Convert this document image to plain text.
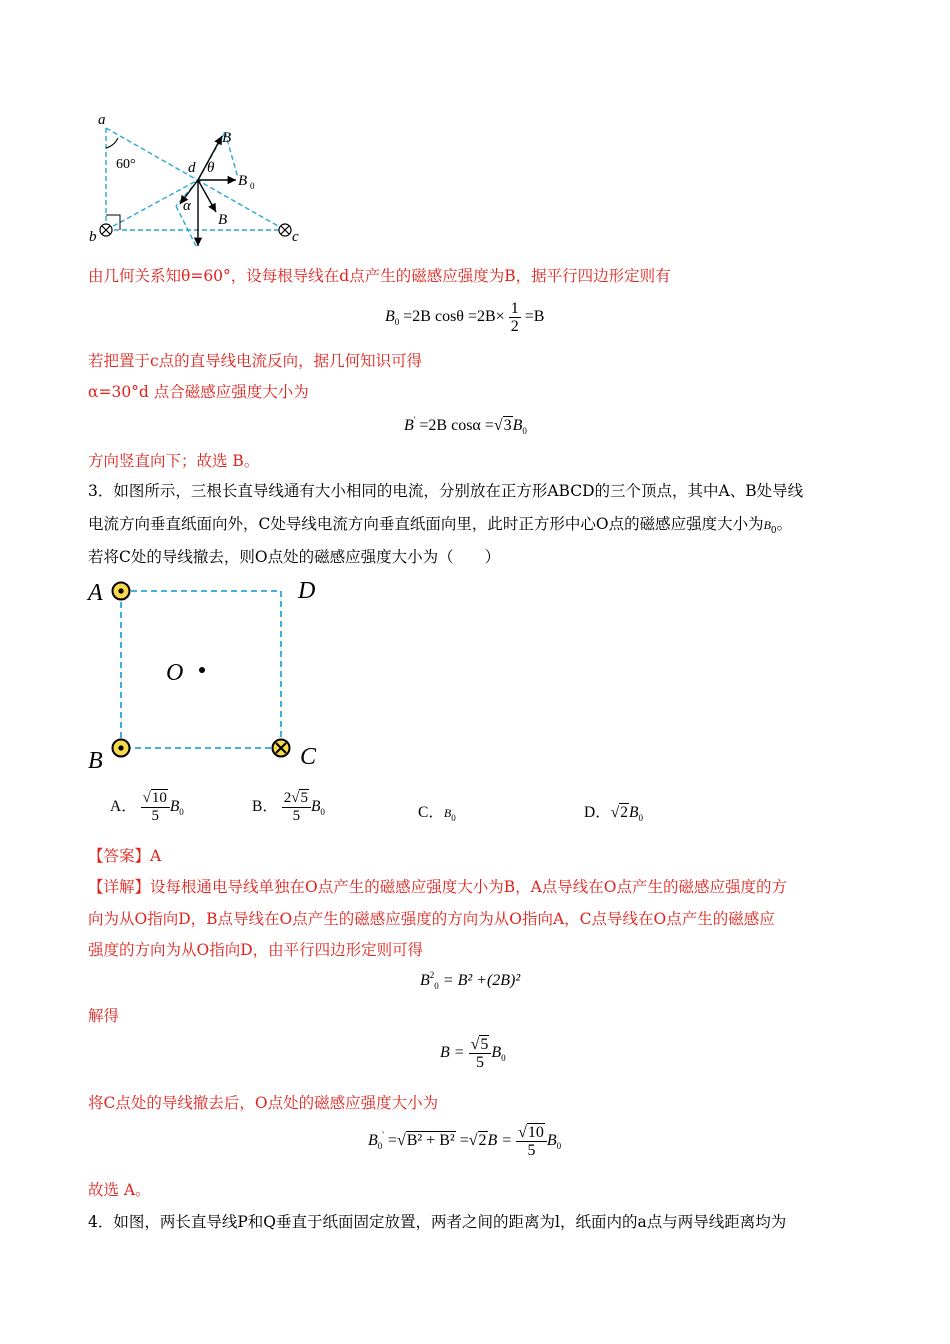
a
b	c
d
B
B
B 0
θ
α
60°
由几何关系知θ=60°，设每根导线在d点产生的磁感应强度为B，据平行四边形定则有
$B_0 =2B$ $\cos\theta =2B\times \frac{1}{2} =B$
若把置于c点的直导线电流反向，据几何知识可得
α=30°d 点合磁感应强度大小为
B' =2B $\cos\alpha =√3B_0$
方向竖直向下；故选 B。
3．如图所示，三根长直导线通有大小相同的电流，分别放在正方形ABCD的三个顶点，其中A、B处导线
电流方向垂直纸面向外，C处导线电流方向垂直纸面向里，此时正方形中心O点的磁感应强度大小为$B_0$。
若将C处的导线撤去，则O点处的磁感应强度大小为（　　）
A	D
B	C
O
A． $\frac{√10}{5} B_0$	B． $\frac{2√5}{5} B_0$	C．$B_0$	D．$√2B_0$
【答案】A
【详解】设每根通电导线单独在O点产生的磁感应强度大小为B，A点导线在O点产生的磁感应强度的方
向为从O指向D，B点导线在O点产生的磁感应强度的方向为从O指向A，C点导线在O点产生的磁感应
强度的方向为从O指向D，由平行四边形定则可得
$B^2_0 = B^2 +(2B)^2$
解得
$B = \frac{√5}{5} B_0$
将C点处的导线撤去后，O点处的磁感应强度大小为
$B_0' =√B^2 + B^2 =√2B = \frac{√10}{5} B_0$
故选 A。
4．如图，两长直导线P和Q垂直于纸面固定放置，两者之间的距离为l，纸面内的a点与两导线距离均为
